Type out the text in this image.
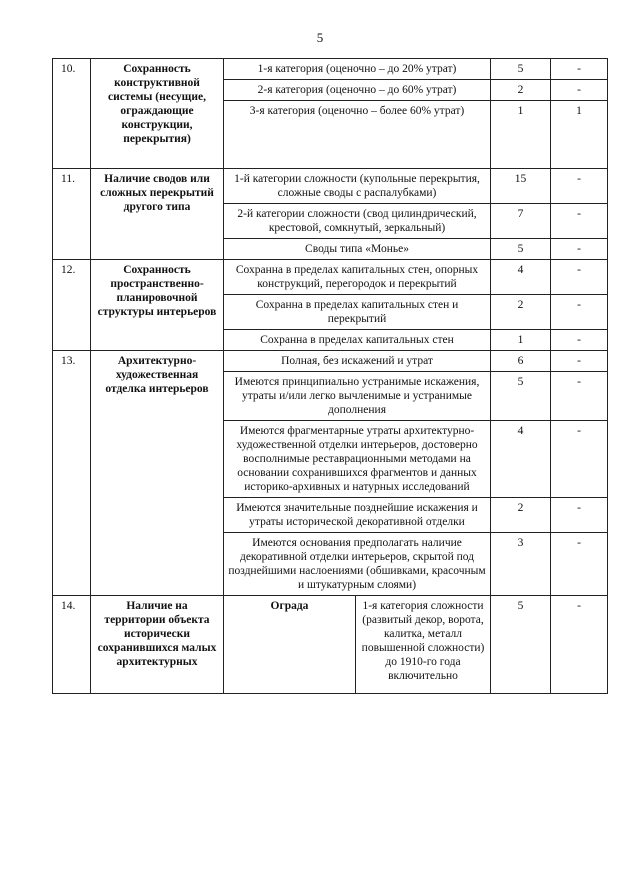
5
10.	Сохранность конструктивной системы (несущие, ограждающие конструкции, перекрытия)	1-я категория (оценочно – до 20% утрат)		5	-
		2-я категория (оценочно – до 60% утрат)		2	-
		3-я категория (оценочно – более 60% утрат)		1	1
11.	Наличие сводов или сложных перекрытий другого типа	1-й категории сложности (купольные перекрытия, сложные своды с распалубками)		15	-
		2-й категории сложности (свод цилиндрический, крестовой, сомкнутый, зеркальный)		7	-
		Своды типа «Монье»		5	-
12.	Сохранность пространственно-планировочной структуры интерьеров	Сохранна в пределах капитальных стен, опорных конструкций, перегородок и перекрытий		4	-
		Сохранна в пределах капитальных стен и перекрытий		2	-
		Сохранна в пределах капитальных стен		1	-
13.	Архитектурно-художественная отделка интерьеров	Полная, без искажений и утрат		6	-
		Имеются принципиально устранимые искажения, утраты и/или легко вычленимые и устранимые дополнения		5	-
		Имеются фрагментарные утраты архитектурно-художественной отделки интерьеров, достоверно восполнимые реставрационными методами на основании сохранившихся фрагментов и данных историко-архивных и натурных исследований		4	-
		Имеются значительные позднейшие искажения и утраты исторической декоративной отделки		2	-
		Имеются основания предполагать наличие декоративной отделки интерьеров, скрытой под позднейшими наслоениями (обшивками, красочным и штукатурным слоями)		3	-
14.	Наличие на территории объекта исторически сохранившихся малых архитектурных	Ограда	1-я категория сложности (развитый декор, ворота, калитка, металл повышенной сложности) до 1910-го года включительно	5	-
